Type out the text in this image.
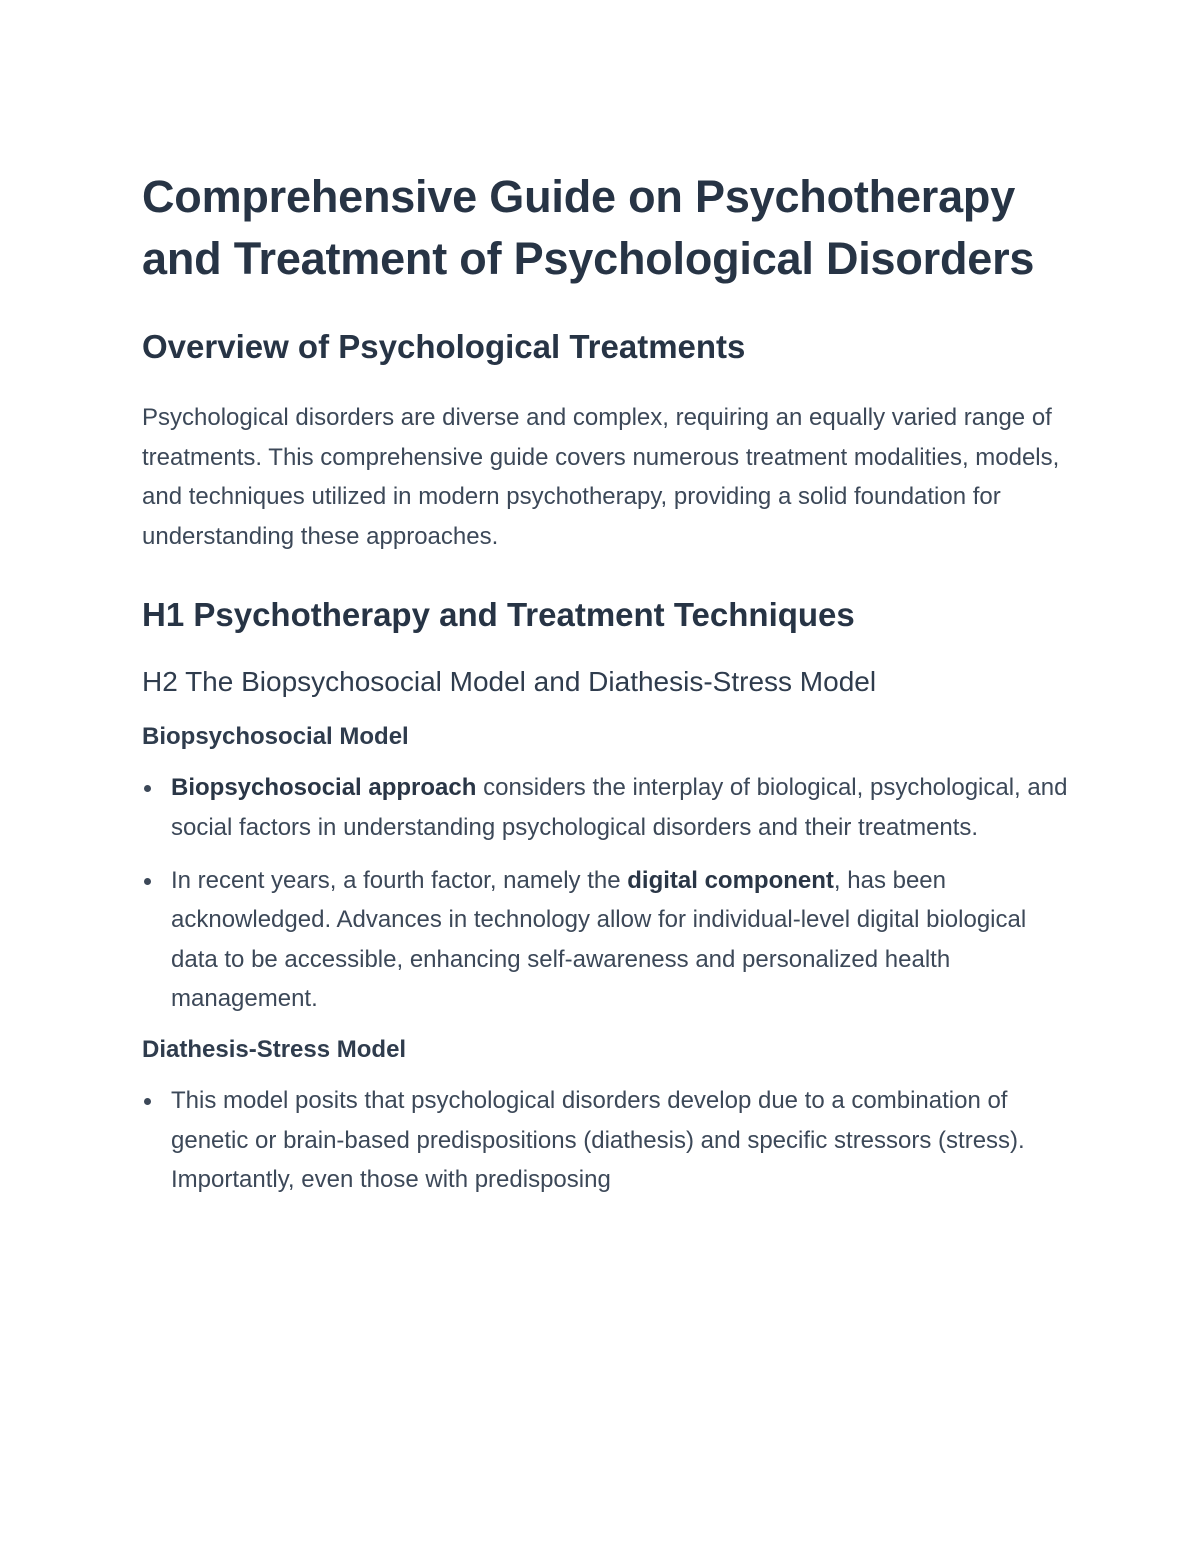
Comprehensive Guide on Psychotherapy and Treatment of Psychological Disorders
Overview of Psychological Treatments

Psychological disorders are diverse and complex, requiring an equally varied range of treatments. This comprehensive guide covers numerous treatment modalities, models, and techniques utilized in modern psychotherapy, providing a solid foundation for understanding these approaches.

H1 Psychotherapy and Treatment Techniques
H2 The Biopsychosocial Model and Diathesis-Stress Model
Biopsychosocial Model
Biopsychosocial approach considers the interplay of biological, psychological, and social factors in understanding psychological disorders and their treatments.
In recent years, a fourth factor, namely the digital component, has been acknowledged. Advances in technology allow for individual-level digital biological data to be accessible, enhancing self-awareness and personalized health management.
Diathesis-Stress Model
This model posits that psychological disorders develop due to a combination of genetic or brain-based predispositions (diathesis) and specific stressors (stress). Importantly, even those with predisposing
